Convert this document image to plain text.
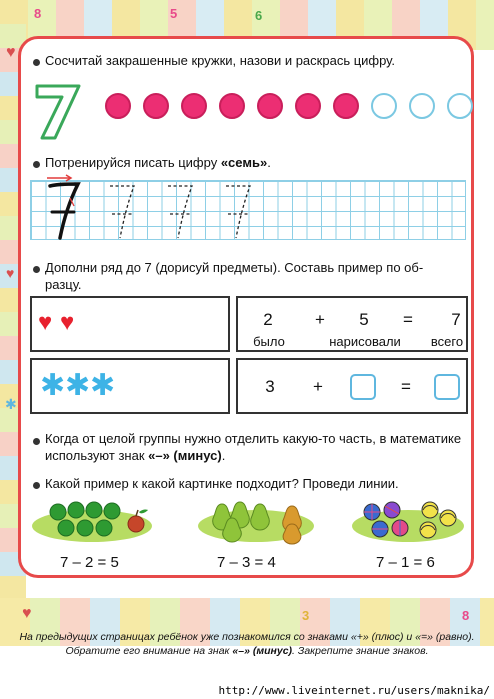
8	5	6
3	8
♥
♥
♥
✱
Сосчитай закрашенные кружки, назови и раскрась цифру.
Потренируйся писать цифру «семь».
Дополни ряд до 7 (дорисуй предметы). Составь пример по об-
разцу.
♥ ♥	2	+	5	=	7
было	нарисовали	всего
✱ ✱ ✱	3	+	=
Когда от целой группы нужно отделить какую-то часть, в математике
используют знак «–» (минус).
Какой пример к какой картинке подходит? Проведи линии.
7 – 2 = 5	7 – 3 = 4	7 – 1 = 6
На предыдущих страницах ребёнок уже познакомился со знаками «+» (плюс) и «=» (равно).
Обратите его внимание на знак «–» (минус). Закрепите знание знаков.
http://www.liveinternet.ru/users/maknika/
